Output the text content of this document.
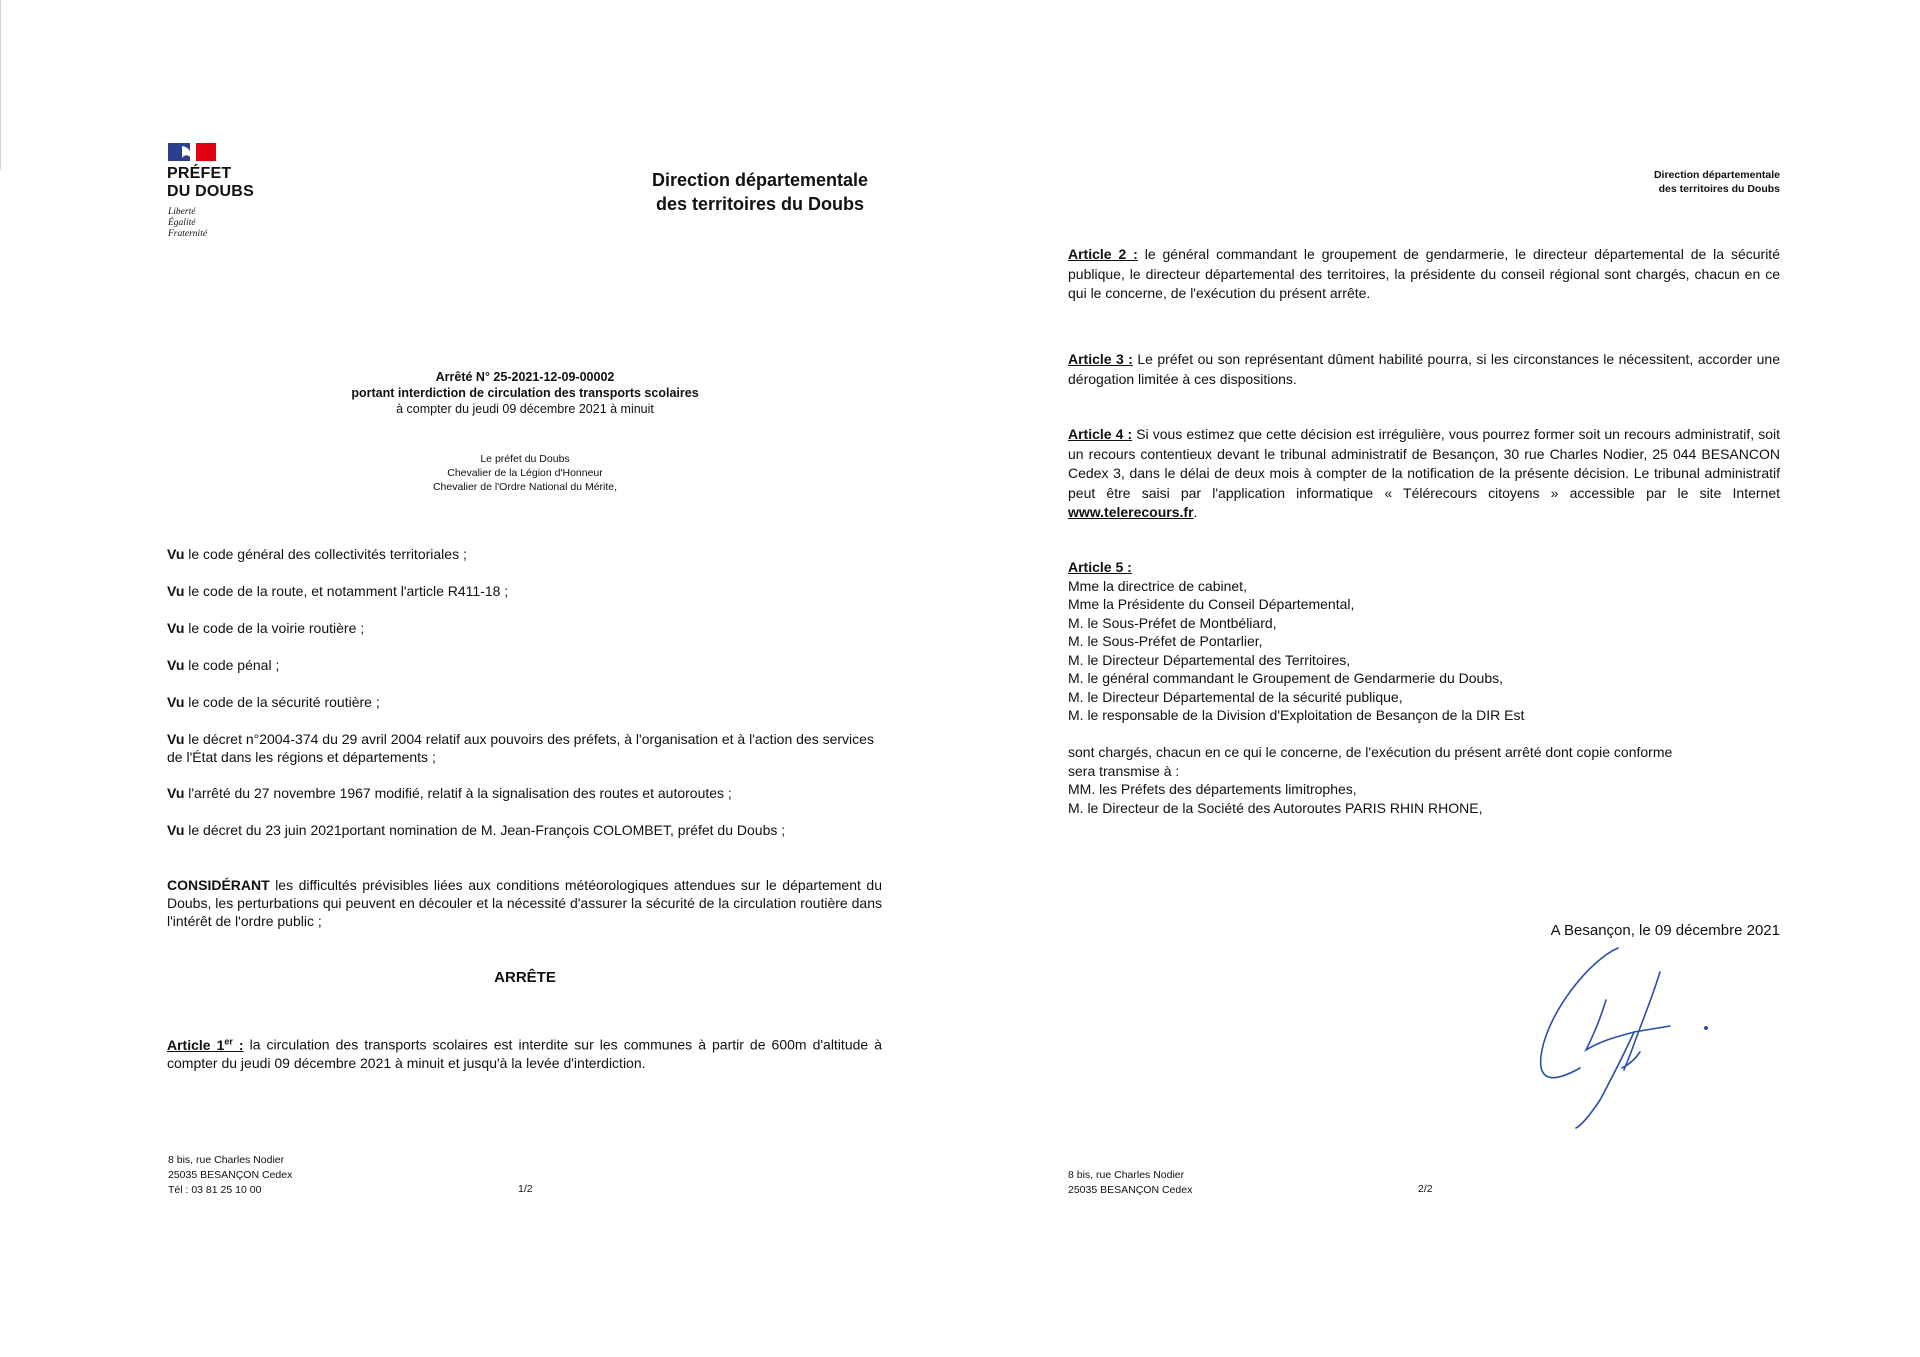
PRÉFET
DU DOUBS
Liberté
Égalité
Fraternité
Direction départementale
des territoires du Doubs
Arrêté N° 25-2021-12-09-00002
portant interdiction de circulation des transports scolaires
à compter du jeudi 09 décembre 2021 à minuit
Le préfet du Doubs
Chevalier de la Légion d'Honneur
Chevalier de l'Ordre National du Mérite,
Vu le code général des collectivités territoriales ;
Vu le code de la route, et notamment l'article R411-18 ;
Vu le code de la voirie routière ;
Vu le code pénal ;
Vu le code de la sécurité routière ;
Vu le décret n°2004-374 du 29 avril 2004 relatif aux pouvoirs des préfets, à l'organisation et à l'action des services de l'État dans les régions et départements ;
Vu l'arrêté du 27 novembre 1967 modifié, relatif à la signalisation des routes et autoroutes ;
Vu le décret du 23 juin 2021portant nomination de M. Jean-François COLOMBET, préfet du Doubs ;
CONSIDÉRANT les difficultés prévisibles liées aux conditions météorologiques attendues sur le département du Doubs, les perturbations qui peuvent en découler et la nécessité d'assurer la sécurité de la circulation routière dans l'intérêt de l'ordre public ;
ARRÊTE
Article 1er : la circulation des transports scolaires est interdite sur les communes à partir de 600m d'altitude à compter du jeudi 09 décembre 2021 à minuit et jusqu'à la levée d'interdiction.
8 bis, rue Charles Nodier
25035 BESANÇON Cedex
Tél : 03 81 25 10 00	1/2
Direction départementale
des territoires du Doubs
Article 2 : le général commandant le groupement de gendarmerie, le directeur départemental de la sécurité publique, le directeur départemental des territoires, la présidente du conseil régional sont chargés, chacun en ce qui le concerne, de l'exécution du présent arrête.
Article 3 : Le préfet ou son représentant dûment habilité pourra, si les circonstances le nécessitent, accorder une dérogation limitée à ces dispositions.
Article 4 : Si vous estimez que cette décision est irrégulière, vous pourrez former soit un recours administratif, soit un recours contentieux devant le tribunal administratif de Besançon, 30 rue Charles Nodier, 25 044 BESANCON Cedex 3, dans le délai de deux mois à compter de la notification de la présente décision. Le tribunal administratif peut être saisi par l'application informatique « Télérecours citoyens » accessible par le site Internet www.telerecours.fr.
Article 5 :
Mme la directrice de cabinet,
Mme la Présidente du Conseil Départemental,
M. le Sous-Préfet de Montbéliard,
M. le Sous-Préfet de Pontarlier,
M. le Directeur Départemental des Territoires,
M. le général commandant le Groupement de Gendarmerie du Doubs,
M. le Directeur Départemental de la sécurité publique,
M. le responsable de la Division d'Exploitation de Besançon de la DIR Est
sont chargés, chacun en ce qui le concerne, de l'exécution du présent arrêté dont copie conforme
sera transmise à :
MM. les Préfets des départements limitrophes,
M. le Directeur de la Société des Autoroutes PARIS RHIN RHONE,
A Besançon, le 09 décembre 2021
8 bis, rue Charles Nodier
25035 BESANÇON Cedex	2/2
